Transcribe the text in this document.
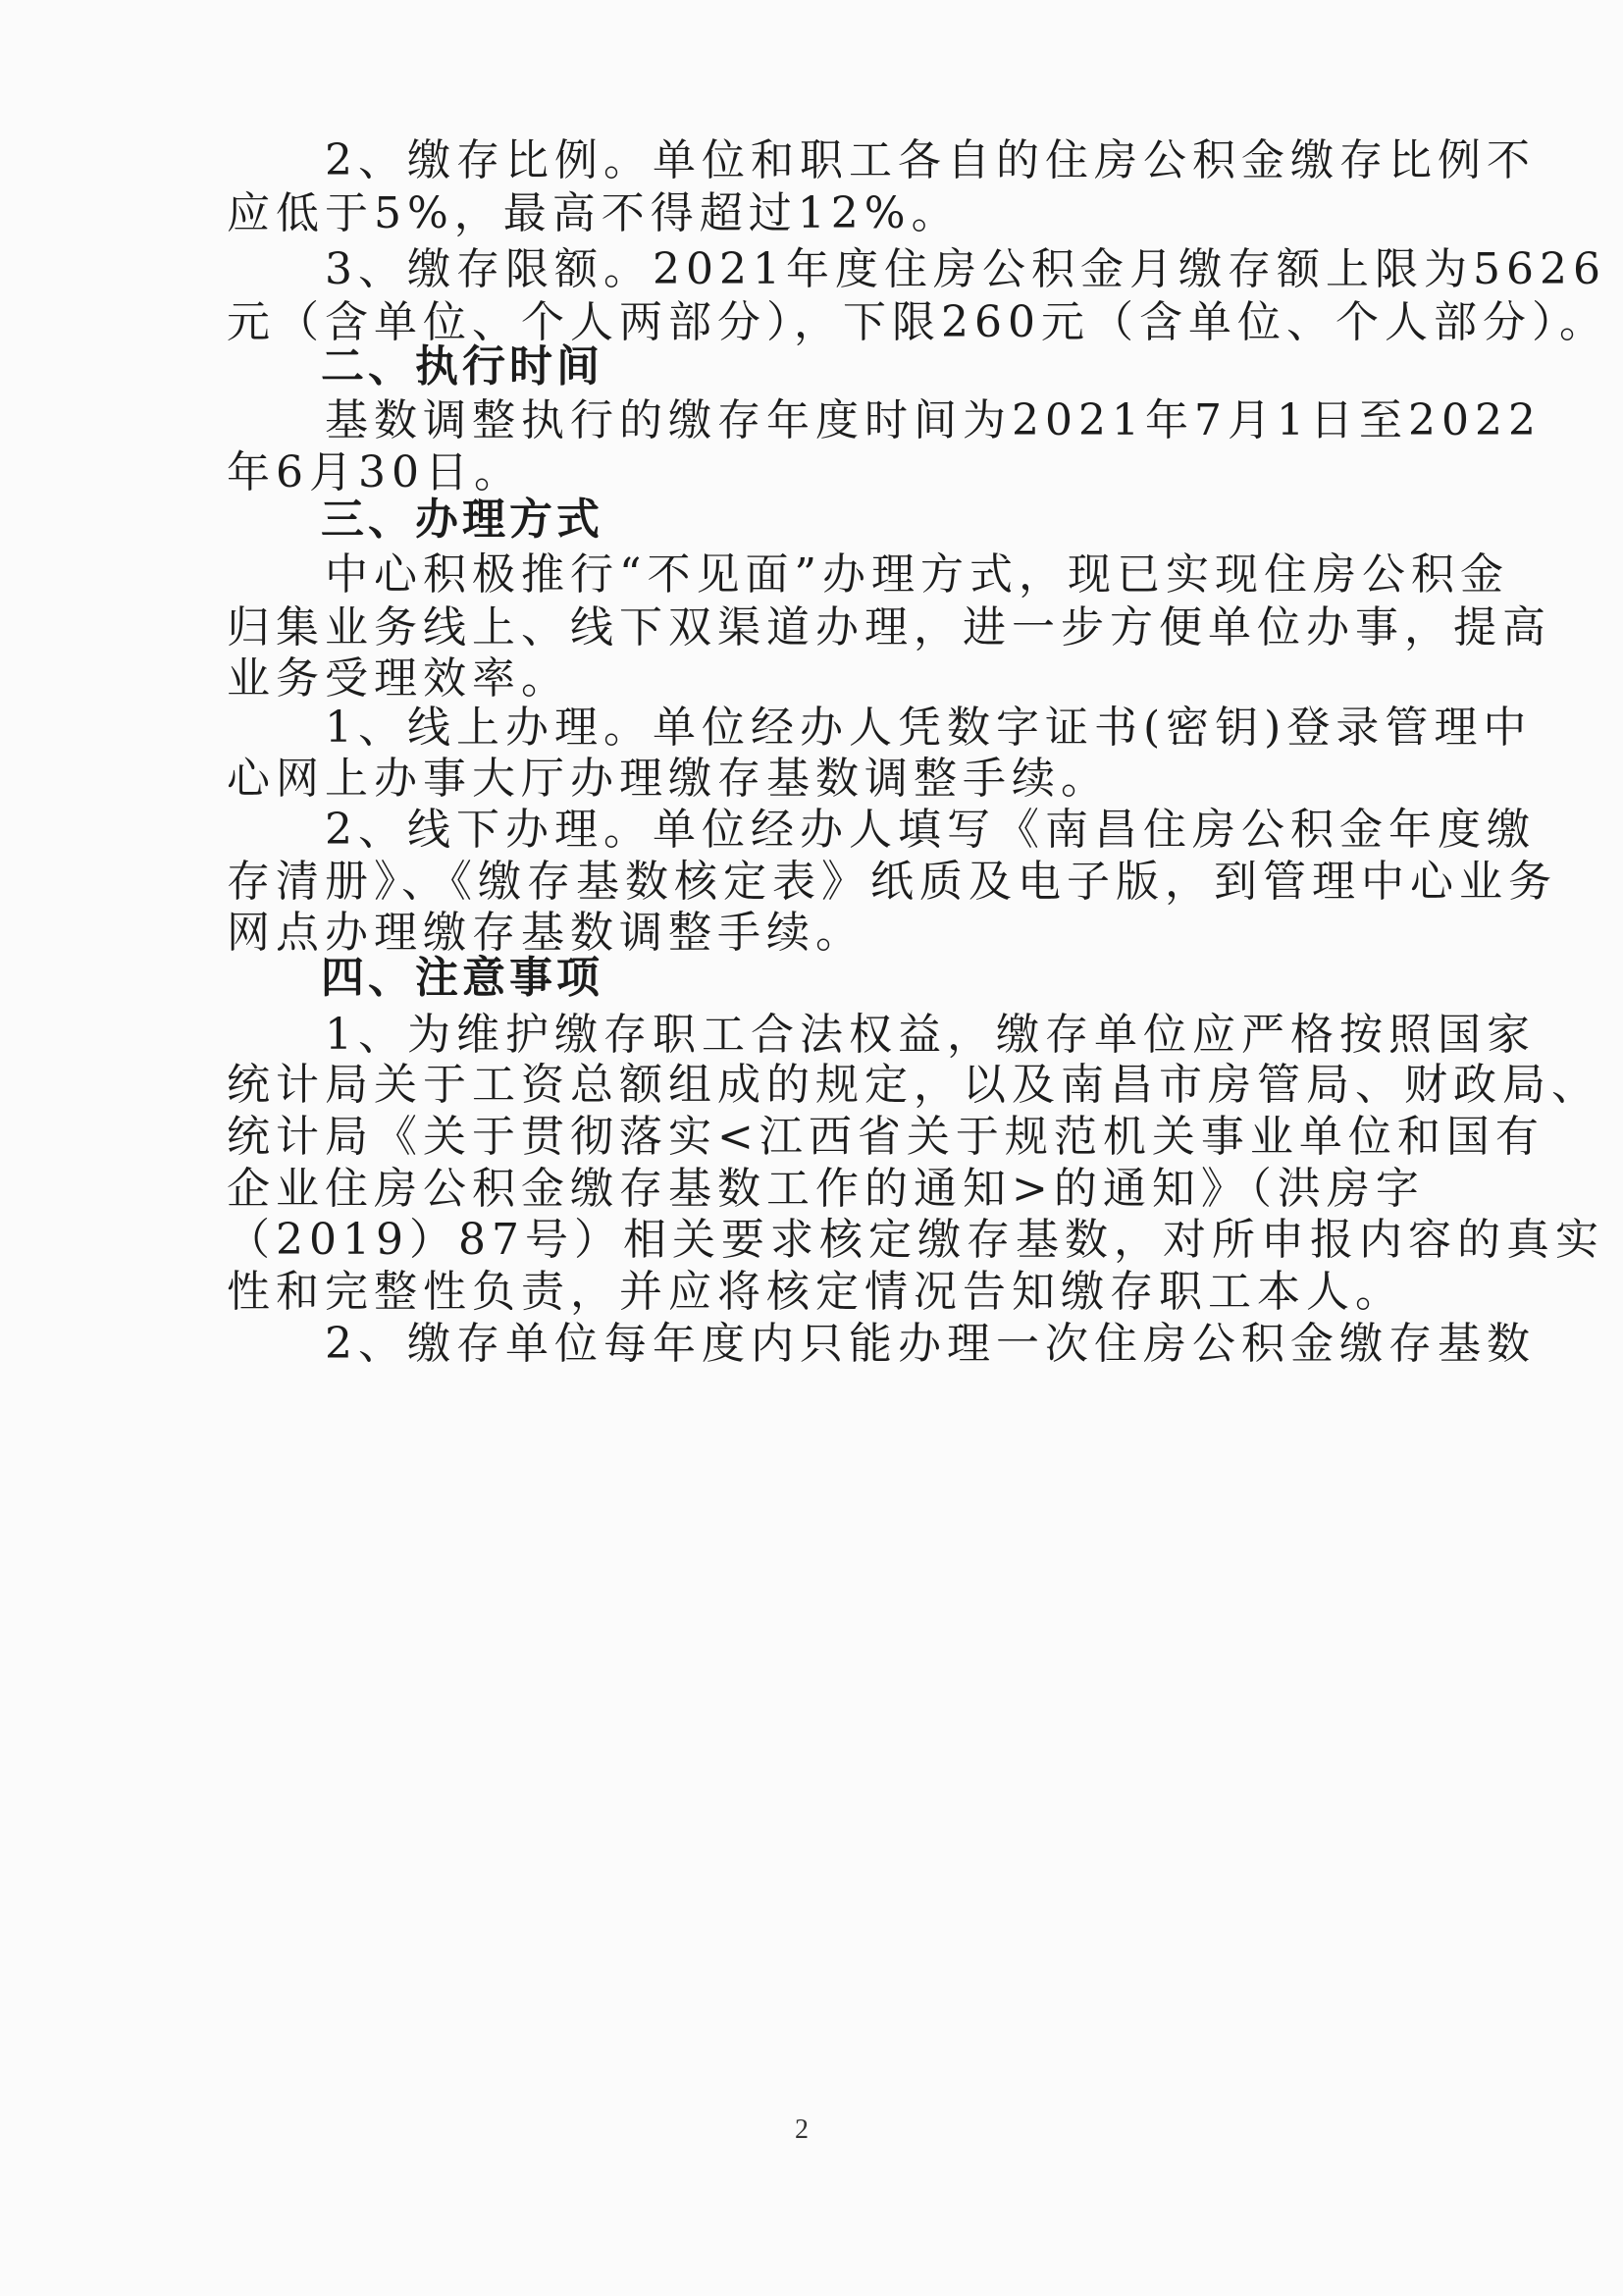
　　2、缴存比例。单位和职工各自的住房公积金缴存比例不

应低于5%，最高不得超过12%。

　　3、缴存限额。2021年度住房公积金月缴存额上限为5626

元（含单位、个人两部分），下限260元（含单位、个人部分）。

　　二、执行时间

　　基数调整执行的缴存年度时间为2021年7月1日至2022

年6月30日。

　　三、办理方式

　　中心积极推行“不见面”办理方式，现已实现住房公积金

归集业务线上、线下双渠道办理，进一步方便单位办事，提高

业务受理效率。

　　1、线上办理。单位经办人凭数字证书(密钥)登录管理中

心网上办事大厅办理缴存基数调整手续。

　　2、线下办理。单位经办人填写《南昌住房公积金年度缴

存清册》、《缴存基数核定表》纸质及电子版，到管理中心业务

网点办理缴存基数调整手续。

　　四、注意事项

　　1、为维护缴存职工合法权益，缴存单位应严格按照国家

统计局关于工资总额组成的规定，以及南昌市房管局、财政局、

统计局《关于贯彻落实<江西省关于规范机关事业单位和国有

企业住房公积金缴存基数工作的通知>的通知》（洪房字

（2019）87号）相关要求核定缴存基数，对所申报内容的真实

性和完整性负责，并应将核定情况告知缴存职工本人。

　　2、缴存单位每年度内只能办理一次住房公积金缴存基数

2
